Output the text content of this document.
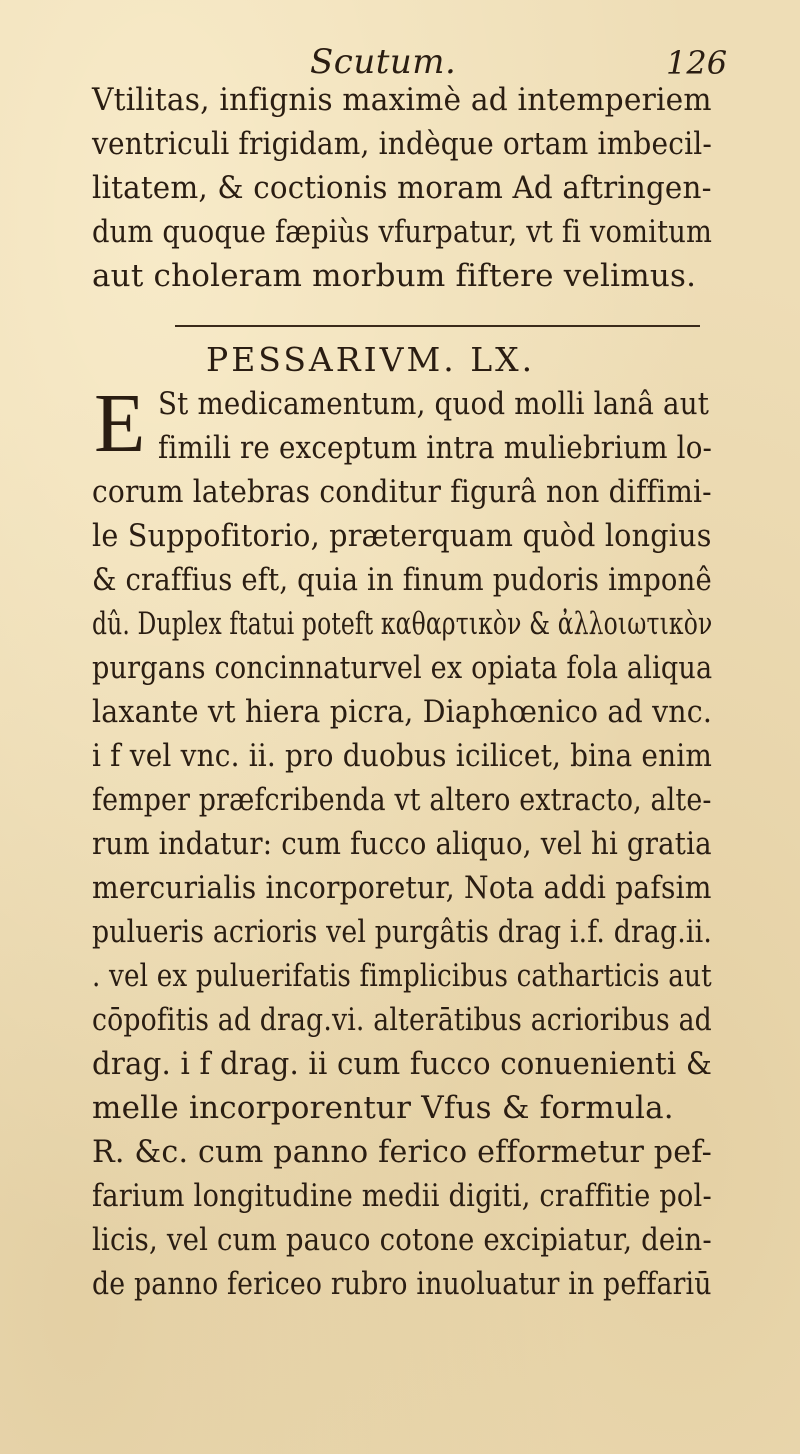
Scutum.	126
Vtilitas, infignis maximè ad intemperiem
ventriculi frigidam, indèque ortam imbecil-
litatem, & coctionis moram Ad aftringen-
dum quoque fæpiùs vfurpatur, vt fi vomitum
aut choleram morbum fiftere velimus.
PESSARIVM. LX.
E St medicamentum, quod molli lanâ aut
fimili re exceptum intra muliebrium lo-
corum latebras conditur figurâ non diffimi-
le Suppofitorio, præterquam quòd longius
& craffius eft, quia in finum pudoris imponê
dû. Duplex ftatui poteft καθαρτικὸν & ἀλλοιωτικὸν
purgans concinnaturvel ex opiata fola aliqua
laxante vt hiera picra, Diaphœnico ad vnc.
i f vel vnc. ii. pro duobus icilicet, bina enim
femper præfcribenda vt altero extracto, alte-
rum indatur: cum fucco aliquo, vel hi gratia
mercurialis incorporetur, Nota addi pafsim
pulueris acrioris vel purgâtis drag i.f. drag.ii.
. vel ex puluerifatis fimplicibus catharticis aut
cōpofitis ad drag.vi. alterātibus acrioribus ad
drag. i f drag. ii cum fucco conuenienti &
melle incorporentur Vfus & formula.
R. &c. cum panno ferico efformetur pef-
farium longitudine medii digiti, craffitie pol-
licis, vel cum pauco cotone excipiatur, dein-
de panno fericeo rubro inuoluatur in peffariū
